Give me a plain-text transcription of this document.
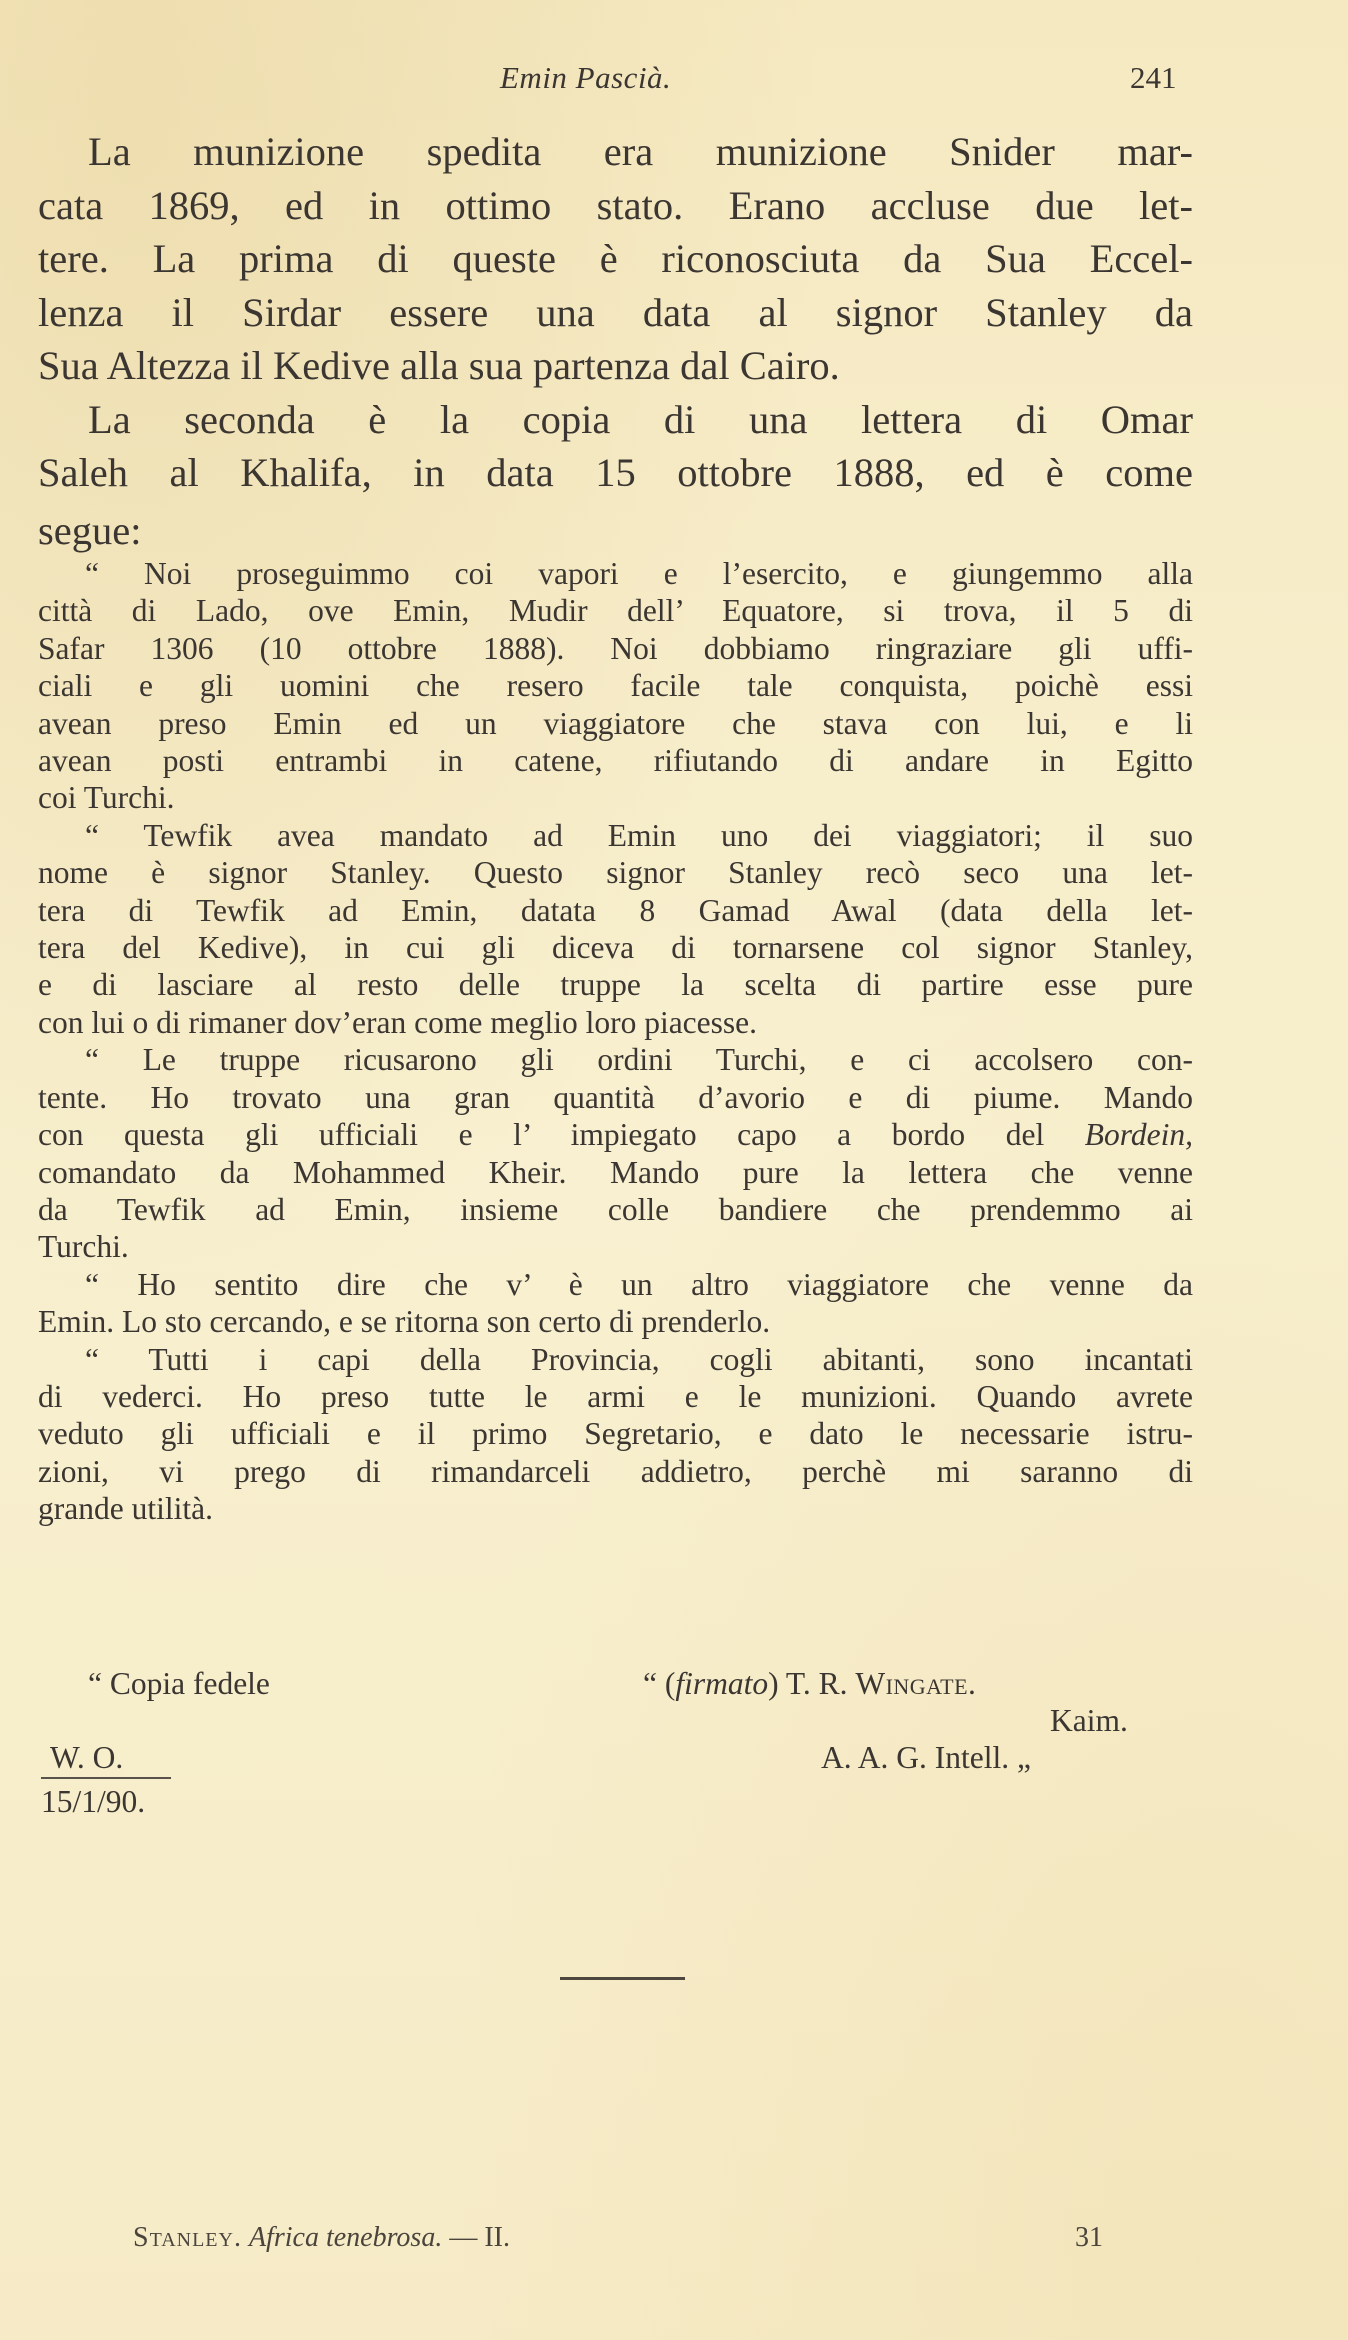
Emin Pascià.	241

La munizione spedita era munizione Snider mar-
cata 1869, ed in ottimo stato. Erano accluse due let-
tere. La prima di queste è riconosciuta da Sua Eccel-
lenza il Sirdar essere una data al signor Stanley da
Sua Altezza il Kedive alla sua partenza dal Cairo.

La seconda è la copia di una lettera di Omar
Saleh al Khalifa, in data 15 ottobre 1888, ed è come
segue:

“ Noi proseguimmo coi vapori e l’esercito, e giungemmo alla
città di Lado, ove Emin, Mudir dell’ Equatore, si trova, il 5 di
Safar 1306 (10 ottobre 1888). Noi dobbiamo ringraziare gli uffi-
ciali e gli uomini che resero facile tale conquista, poichè essi
avean preso Emin ed un viaggiatore che stava con lui, e li
avean posti entrambi in catene, rifiutando di andare in Egitto
coi Turchi.
“ Tewfik avea mandato ad Emin uno dei viaggiatori; il suo
nome è signor Stanley. Questo signor Stanley recò seco una let-
tera di Tewfik ad Emin, datata 8 Gamad Awal (data della let-
tera del Kedive), in cui gli diceva di tornarsene col signor Stanley,
e di lasciare al resto delle truppe la scelta di partire esse pure
con lui o di rimaner dov’eran come meglio loro piacesse.
“ Le truppe ricusarono gli ordini Turchi, e ci accolsero con-
tente. Ho trovato una gran quantità d’avorio e di piume. Mando
con questa gli ufficiali e l’ impiegato capo a bordo del Bordein,
comandato da Mohammed Kheir. Mando pure la lettera che venne
da Tewfik ad Emin, insieme colle bandiere che prendemmo ai
Turchi.
“ Ho sentito dire che v’ è un altro viaggiatore che venne da
Emin. Lo sto cercando, e se ritorna son certo di prenderlo.
“ Tutti i capi della Provincia, cogli abitanti, sono incantati
di vederci. Ho preso tutte le armi e le munizioni. Quando avrete
veduto gli ufficiali e il primo Segretario, e dato le necessarie istru-
zioni, vi prego di rimandarceli addietro, perchè mi saranno di
grande utilità.
“ Copia fedele	“ (firmato) T. R. Wingate.
Kaim.
W. O.
15/1/90.
A. A. G. Intell. „
Stanley. Africa tenebrosa. — II.	31
